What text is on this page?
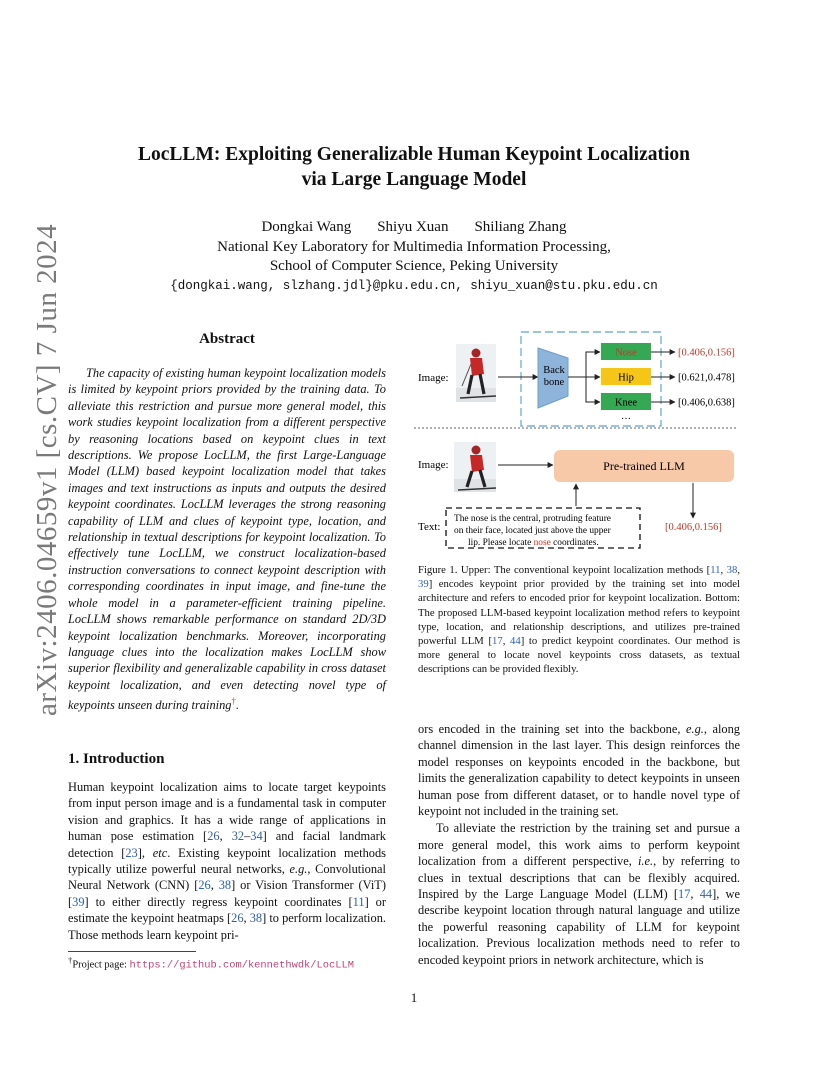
arXiv:2406.04659v1 [cs.CV] 7 Jun 2024
LocLLM: Exploiting Generalizable Human Keypoint Localization
via Large Language Model
Dongkai Wang Shiyu Xuan Shiliang Zhang
National Key Laboratory for Multimedia Information Processing,
School of Computer Science, Peking University
{dongkai.wang, slzhang.jdl}@pku.edu.cn, shiyu_xuan@stu.pku.edu.cn
Abstract
The capacity of existing human keypoint localization models is limited by keypoint priors provided by the training data. To alleviate this restriction and pursue more general model, this work studies keypoint localization from a different perspective by reasoning locations based on keypoint clues in text descriptions. We propose LocLLM, the first Large-Language Model (LLM) based keypoint localization model that takes images and text instructions as inputs and outputs the desired keypoint coordinates. LocLLM leverages the strong reasoning capability of LLM and clues of keypoint type, location, and relationship in textual descriptions for keypoint localization. To effectively tune LocLLM, we construct localization-based instruction conversations to connect keypoint description with corresponding coordinates in input image, and fine-tune the whole model in a parameter-efficient training pipeline. LocLLM shows remarkable performance on standard 2D/3D keypoint localization benchmarks. Moreover, incorporating language clues into the localization makes LocLLM show superior flexibility and generalizable capability in cross dataset keypoint localization, and even detecting novel type of keypoints unseen during training†.
1. Introduction
Human keypoint localization aims to locate target keypoints from input person image and is a fundamental task in computer vision and graphics. It has a wide range of applications in human pose estimation [26, 32–34] and facial landmark detection [23], etc. Existing keypoint localization methods typically utilize powerful neural networks, e.g., Convolutional Neural Network (CNN) [26, 38] or Vision Transformer (ViT) [39] to either directly regress keypoint coordinates [11] or estimate the keypoint heatmaps [26, 38] to perform localization. Those methods learn keypoint pri-
†Project page: https://github.com/kennethwdk/LocLLM
1
Image:
Back
bone
Nose
Hip
Knee
…
[0.406,0.156]
[0.621,0.478]
[0.406,0.638]
Image:	Pre-trained LLM
Text:
The nose is the central, protruding feature
on their face, located just above the upper
lip. Please locate nose coordinates.
[0.406,0.156]
Figure 1. Upper: The conventional keypoint localization methods [11, 38, 39] encodes keypoint prior provided by the training set into model architecture and refers to encoded prior for keypoint localization. Bottom: The proposed LLM-based keypoint localization method refers to keypoint type, location, and relationship descriptions, and utilizes pre-trained powerful LLM [17, 44] to predict keypoint coordinates. Our method is more general to locate novel keypoints cross datasets, as textual descriptions can be provided flexibly.

ors encoded in the training set into the backbone, e.g., along channel dimension in the last layer. This design reinforces the model responses on keypoints encoded in the backbone, but limits the generalization capability to detect keypoints in unseen human pose from different dataset, or to handle novel type of keypoint not included in the training set.

To alleviate the restriction by the training set and pursue a more general model, this work aims to perform keypoint localization from a different perspective, i.e., by referring to clues in textual descriptions that can be flexibly acquired. Inspired by the Large Language Model (LLM) [17, 44], we describe keypoint location through natural language and utilize the powerful reasoning capability of LLM for keypoint localization. Previous localization methods need to refer to encoded keypoint priors in network architecture, which is
